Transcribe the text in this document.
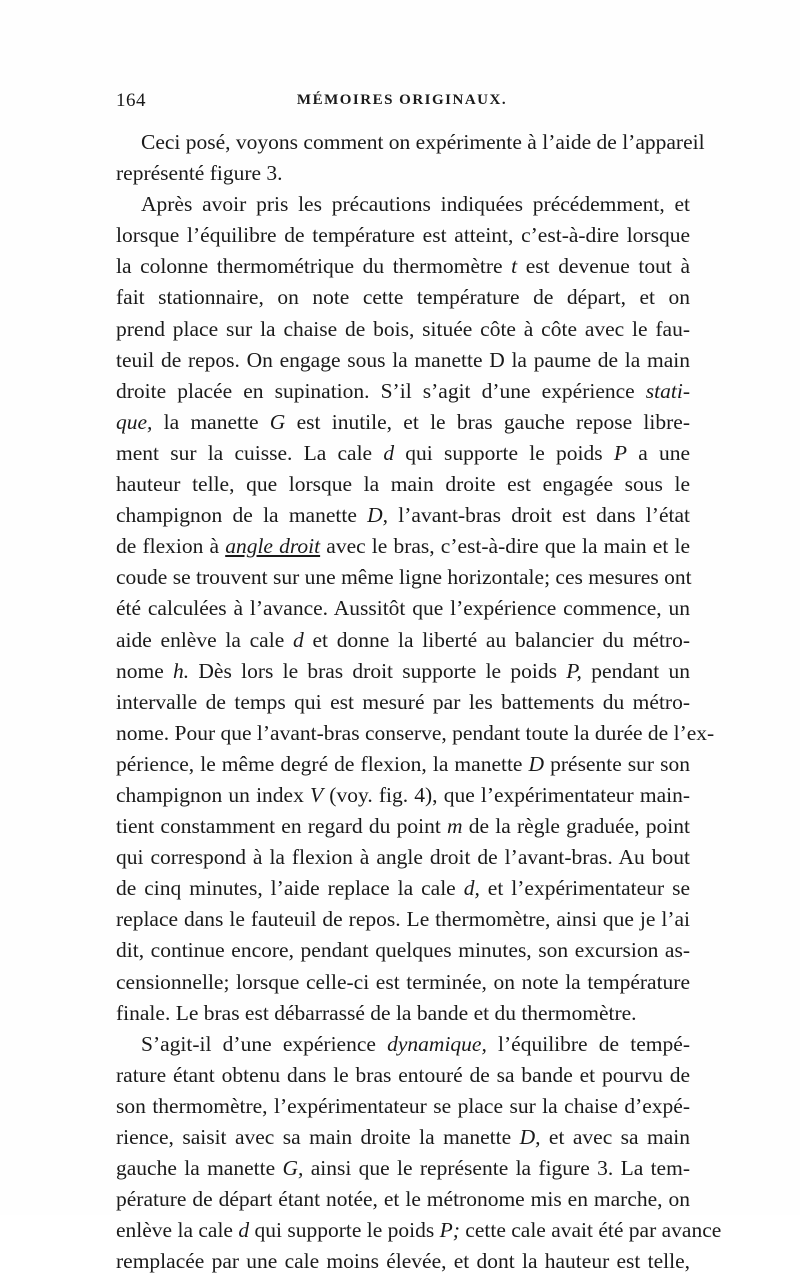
164	MÉMOIRES ORIGINAUX.
Ceci posé, voyons comment on expérimente à l’aide de l’appareil
représenté figure 3.
Après avoir pris les précautions indiquées précédemment, et
lorsque l’équilibre de température est atteint, c’est-à-dire lorsque
la colonne thermométrique du thermomètre t est devenue tout à
fait stationnaire, on note cette température de départ, et on
prend place sur la chaise de bois, située côte à côte avec le fau-
teuil de repos. On engage sous la manette D la paume de la main
droite placée en supination. S’il s’agit d’une expérience stati-
que, la manette G est inutile, et le bras gauche repose libre-
ment sur la cuisse. La cale d qui supporte le poids P a une
hauteur telle, que lorsque la main droite est engagée sous le
champignon de la manette D, l’avant-bras droit est dans l’état
de flexion à angle droit avec le bras, c’est-à-dire que la main et le
coude se trouvent sur une même ligne horizontale; ces mesures ont
été calculées à l’avance. Aussitôt que l’expérience commence, un
aide enlève la cale d et donne la liberté au balancier du métro-
nome h. Dès lors le bras droit supporte le poids P, pendant un
intervalle de temps qui est mesuré par les battements du métro-
nome. Pour que l’avant-bras conserve, pendant toute la durée de l’ex-
périence, le même degré de flexion, la manette D présente sur son
champignon un index V (voy. fig. 4), que l’expérimentateur main-
tient constamment en regard du point m de la règle graduée, point
qui correspond à la flexion à angle droit de l’avant-bras. Au bout
de cinq minutes, l’aide replace la cale d, et l’expérimentateur se
replace dans le fauteuil de repos. Le thermomètre, ainsi que je l’ai
dit, continue encore, pendant quelques minutes, son excursion as-
censionnelle; lorsque celle-ci est terminée, on note la température
finale. Le bras est débarrassé de la bande et du thermomètre.
S’agit-il d’une expérience dynamique, l’équilibre de tempé-
rature étant obtenu dans le bras entouré de sa bande et pourvu de
son thermomètre, l’expérimentateur se place sur la chaise d’expé-
rience, saisit avec sa main droite la manette D, et avec sa main
gauche la manette G, ainsi que le représente la figure 3. La tem-
pérature de départ étant notée, et le métronome mis en marche, on
enlève la cale d qui supporte le poids P; cette cale avait été par avance
remplacée par une cale moins élevée, et dont la hauteur est telle,
